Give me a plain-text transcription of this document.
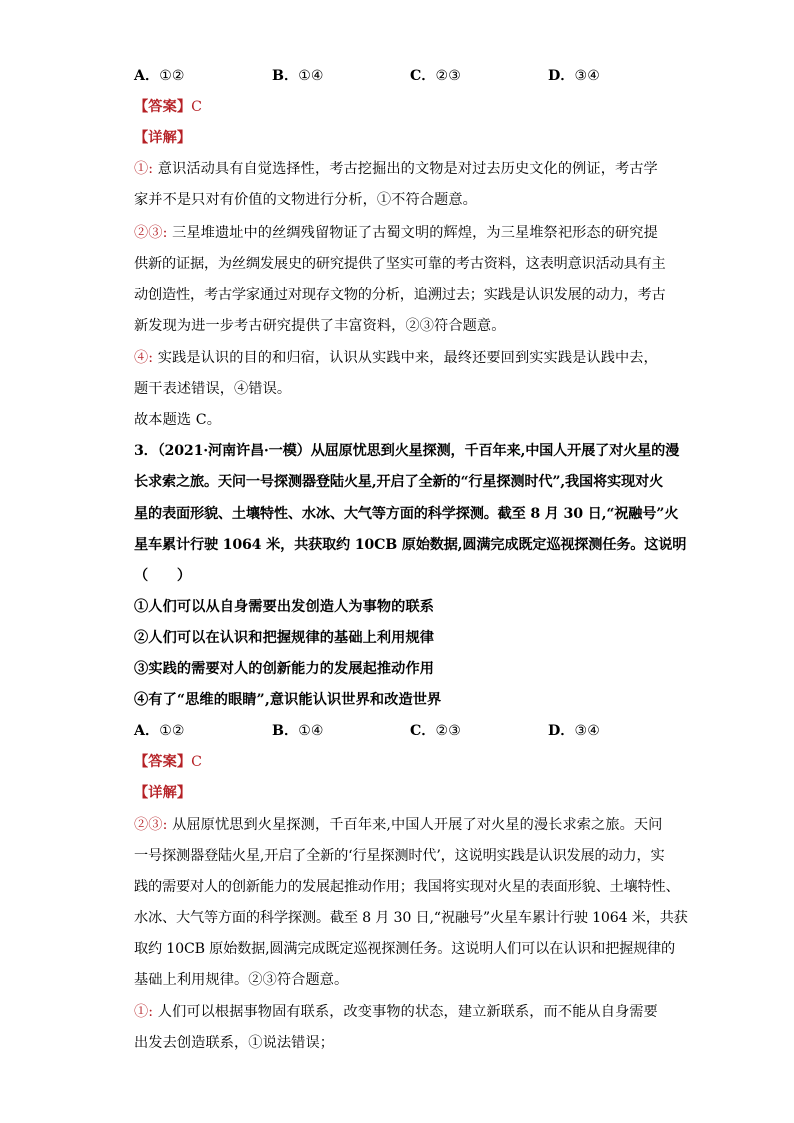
A．①②	B．①④	C．②③	D．③④
【答案】C
【详解】
①: 意识活动具有自觉选择性，考古挖掘出的文物是对过去历史文化的例证，考古学
家并不是只对有价值的文物进行分析，①不符合题意。
②③: 三星堆遗址中的丝绸残留物证了古蜀文明的辉煌，为三星堆祭祀形态的研究提
供新的证据，为丝绸发展史的研究提供了坚实可靠的考古资料，这表明意识活动具有主
动创造性，考古学家通过对现存文物的分析，追溯过去；实践是认识发展的动力，考古
新发现为进一步考古研究提供了丰富资料，②③符合题意。
④: 实践是认识的目的和归宿，认识从实践中来，最终还要回到实实践是认践中去，
题干表述错误，④错误。
故本题选 C。
3．（2021·河南许昌·一模）从屈原忧思到火星探测，千百年来,中国人开展了对火星的漫
长求索之旅。天问一号探测器登陆火星,开启了全新的“行星探测时代”,我国将实现对火
星的表面形貌、土壤特性、水冰、大气等方面的科学探测。截至 8 月 30 日,“祝融号”火
星车累计行驶 1064 米，共获取约 10CB 原始数据,圆满完成既定巡视探测任务。这说明
（　　）
①人们可以从自身需要出发创造人为事物的联系
②人们可以在认识和把握规律的基础上利用规律
③实践的需要对人的创新能力的发展起推动作用
④有了“思维的眼睛”,意识能认识世界和改造世界
A．①②	B．①④	C．②③	D．③④
【答案】C
【详解】
②③: 从屈原忧思到火星探测，千百年来,中国人开展了对火星的漫长求索之旅。天问
一号探测器登陆火星,开启了全新的‘行星探测时代’，这说明实践是认识发展的动力，实
践的需要对人的创新能力的发展起推动作用；我国将实现对火星的表面形貌、土壤特性、
水冰、大气等方面的科学探测。截至 8 月 30 日,“祝融号”火星车累计行驶 1064 米，共获
取约 10CB 原始数据,圆满完成既定巡视探测任务。这说明人们可以在认识和把握规律的
基础上利用规律。②③符合题意。
①: 人们可以根据事物固有联系，改变事物的状态，建立新联系，而不能从自身需要
出发去创造联系，①说法错误；
